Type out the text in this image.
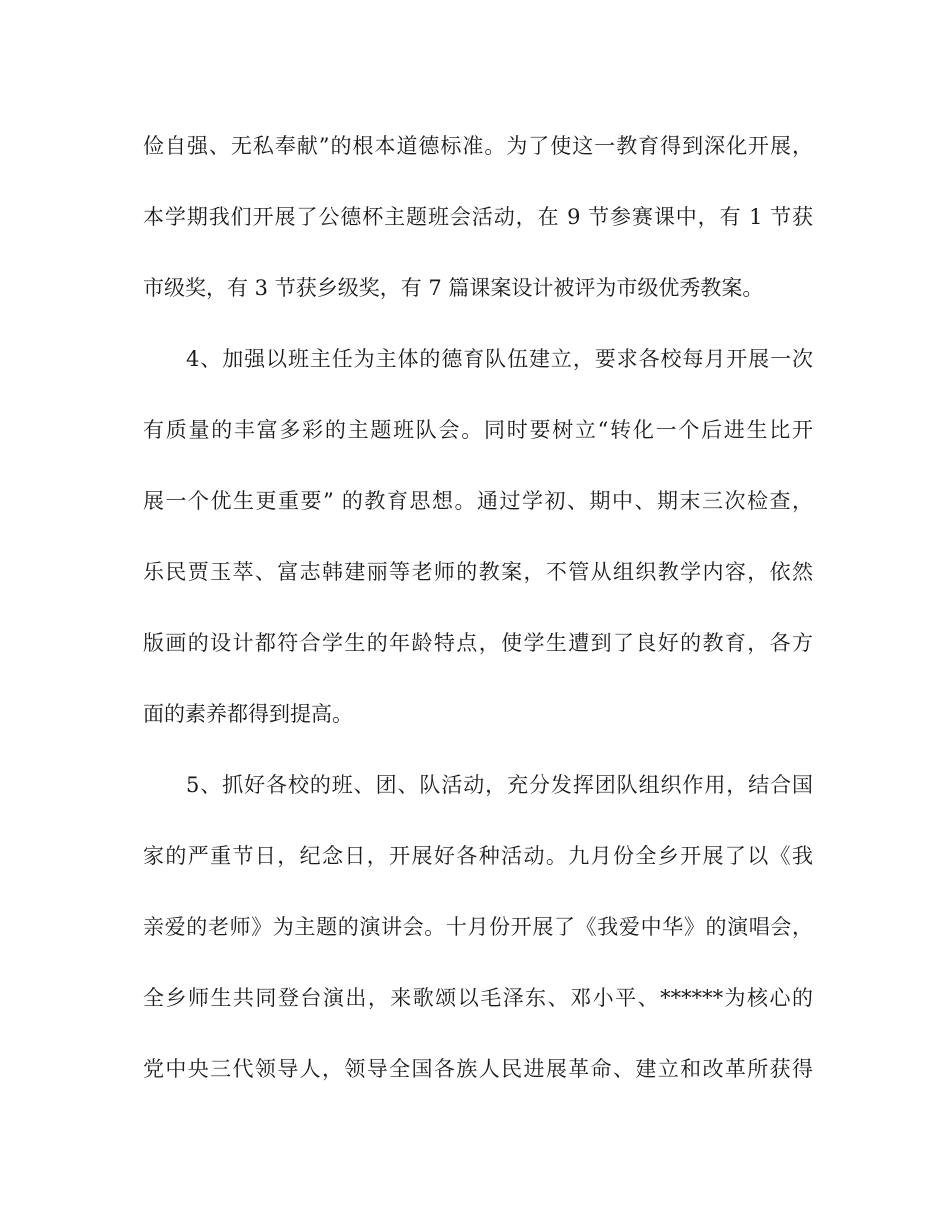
俭自强、无私奉献”的根本道德标准。为了使这一教育得到深化开展，
本学期我们开展了公德杯主题班会活动，在 9 节参赛课中，有 1 节获
市级奖，有 3 节获乡级奖，有 7 篇课案设计被评为市级优秀教案。
4、加强以班主任为主体的德育队伍建立，要求各校每月开展一次
有质量的丰富多彩的主题班队会。同时要树立“转化一个后进生比开
展一个优生更重要” 的教育思想。通过学初、期中、期末三次检查，
乐民贾玉萃、富志韩建丽等老师的教案，不管从组织教学内容，依然
版画的设计都符合学生的年龄特点，使学生遭到了良好的教育，各方
面的素养都得到提高。
5、抓好各校的班、团、队活动，充分发挥团队组织作用，结合国
家的严重节日，纪念日，开展好各种活动。九月份全乡开展了以《我
亲爱的老师》为主题的演讲会。十月份开展了《我爱中华》的演唱会，
全乡师生共同登台演出，来歌颂以毛泽东、邓小平、******为核心的
党中央三代领导人，领导全国各族人民进展革命、建立和改革所获得
